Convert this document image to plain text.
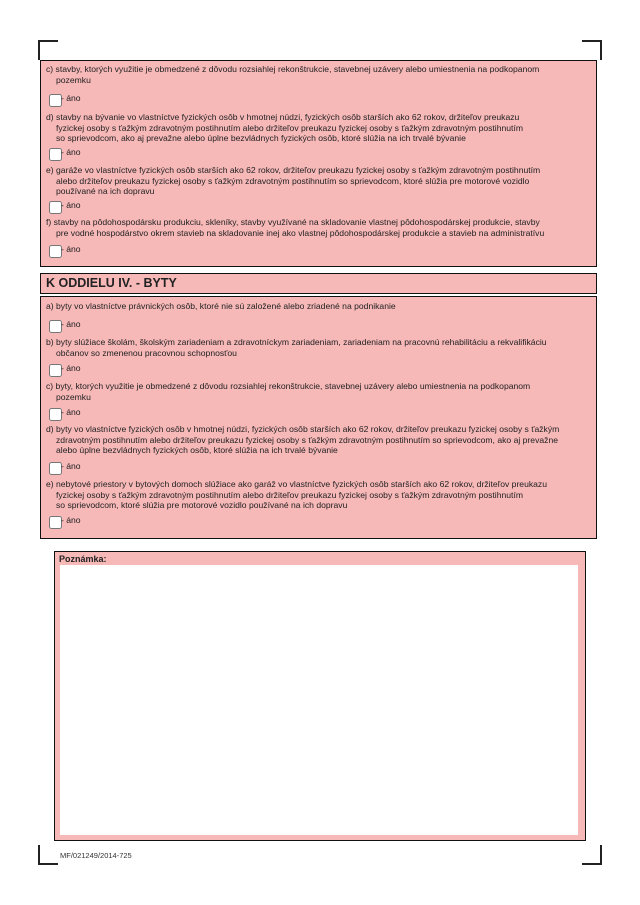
c) stavby, ktorých využitie je obmedzené z dôvodu rozsiahlej rekonštrukcie, stavebnej uzávery alebo umiestnenia na podkopanom
pozemku
- áno
d) stavby na bývanie vo vlastníctve fyzických osôb v hmotnej núdzi, fyzických osôb starších ako 62 rokov, držiteľov preukazu
fyzickej osoby s ťažkým zdravotným postihnutím alebo držiteľov preukazu fyzickej osoby s ťažkým zdravotným postihnutím
so sprievodcom, ako aj prevažne alebo úplne bezvládnych fyzických osôb, ktoré slúžia na ich trvalé bývanie
- áno
e) garáže vo vlastníctve fyzických osôb starších ako 62 rokov, držiteľov preukazu fyzickej osoby s ťažkým zdravotným postihnutím
alebo držiteľov preukazu fyzickej osoby s ťažkým zdravotným postihnutím so sprievodcom, ktoré slúžia pre motorové vozidlo
používané na ich dopravu
- áno
f) stavby na pôdohospodársku produkciu, skleníky, stavby využívané na skladovanie vlastnej pôdohospodárskej produkcie, stavby
pre vodné hospodárstvo okrem stavieb na skladovanie inej ako vlastnej pôdohospodárskej produkcie a stavieb na administratívu
- áno
K ODDIELU IV. - BYTY
a) byty vo vlastníctve právnických osôb, ktoré nie sú založené alebo zriadené na podnikanie
- áno
b) byty slúžiace školám, školským zariadeniam a zdravotníckym zariadeniam, zariadeniam na pracovnú rehabilitáciu a rekvalifikáciu
občanov so zmenenou pracovnou schopnosťou
- áno
c) byty, ktorých využitie je obmedzené z dôvodu rozsiahlej rekonštrukcie, stavebnej uzávery alebo umiestnenia na podkopanom
pozemku
- áno
d) byty vo vlastníctve fyzických osôb v hmotnej núdzi, fyzických osôb starších ako 62 rokov, držiteľov preukazu fyzickej osoby s ťažkým
zdravotným postihnutím alebo držiteľov preukazu fyzickej osoby s ťažkým zdravotným postihnutím so sprievodcom, ako aj prevažne
alebo úplne bezvládnych fyzických osôb, ktoré slúžia na ich trvalé bývanie
- áno
e) nebytové priestory v bytových domoch slúžiace ako garáž vo vlastníctve fyzických osôb starších ako 62 rokov, držiteľov preukazu
fyzickej osoby s ťažkým zdravotným postihnutím alebo držiteľov preukazu fyzickej osoby s ťažkým zdravotným postihnutím
so sprievodcom, ktoré slúžia pre motorové vozidlo používané na ich dopravu
- áno
Poznámka:
MF/021249/2014-725
